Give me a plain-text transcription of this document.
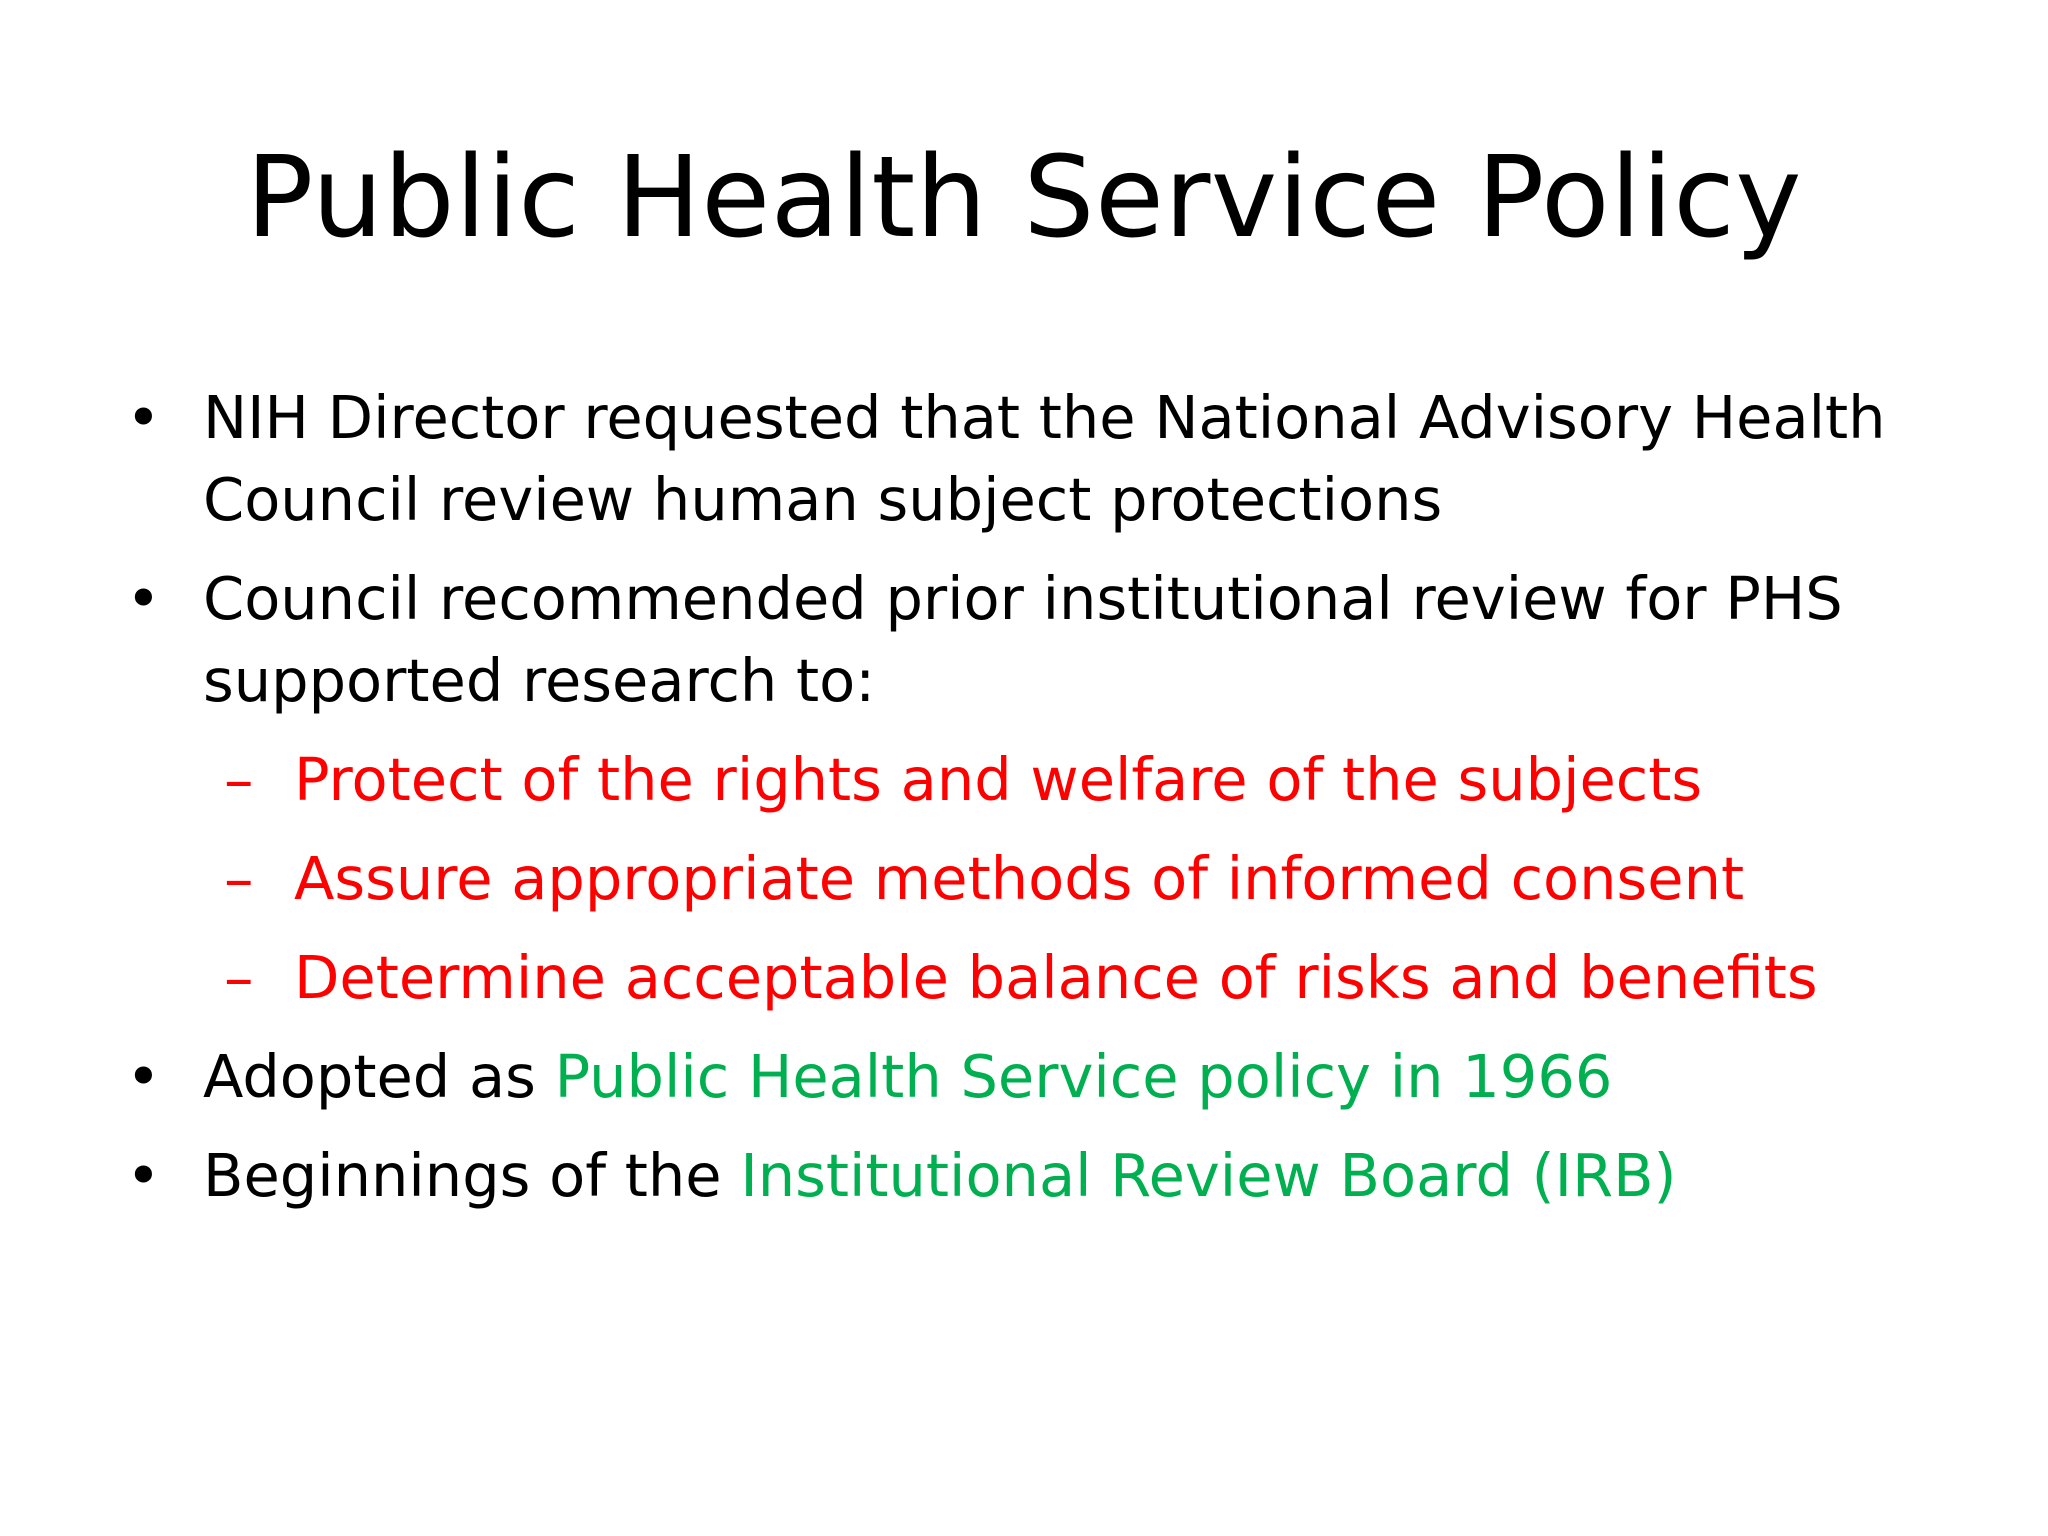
Public Health Service Policy
• NIH Director requested that the National Advisory Health
Council review human subject protections
• Council recommended prior institutional review for PHS
supported research to:
– Protect of the rights and welfare of the subjects
– Assure appropriate methods of informed consent
– Determine acceptable balance of risks and benefits
• Adopted as Public Health Service policy in 1966
• Beginnings of the Institutional Review Board (IRB)
